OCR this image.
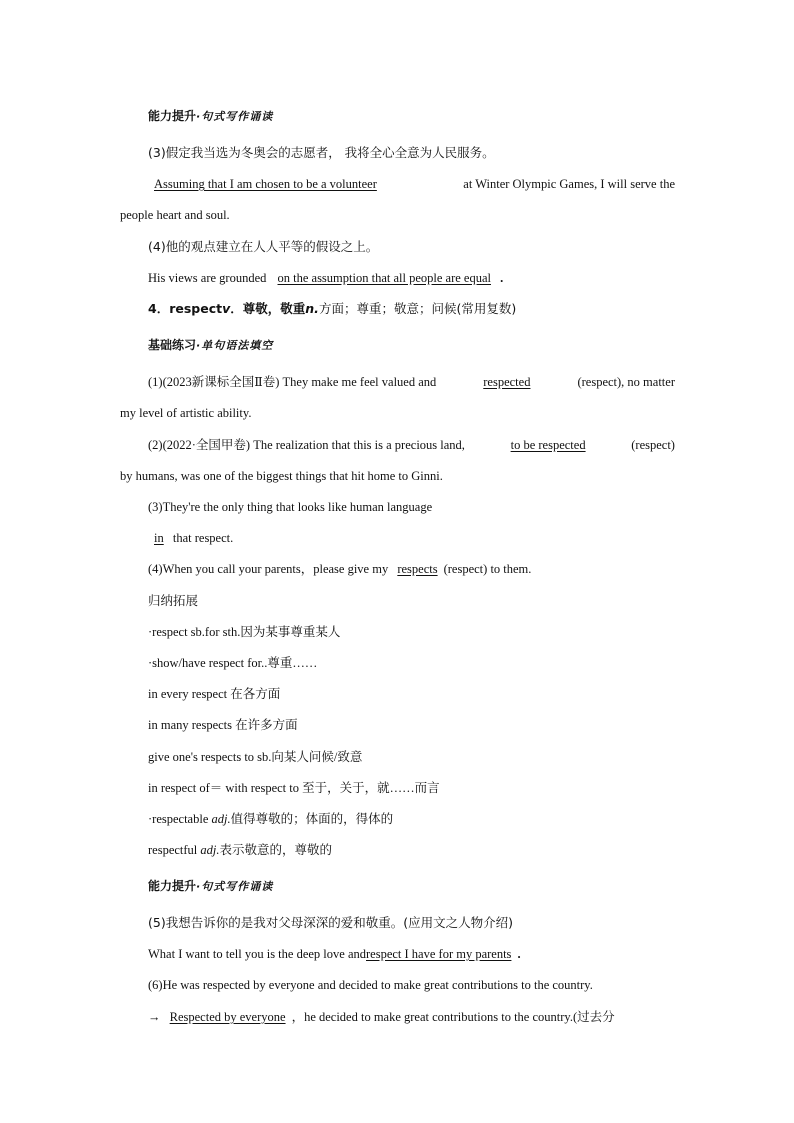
能力提升·句式写作诵读
(3)假定我当选为冬奥会的志愿者， 我将全心全意为人民服务。
Assuming that I am chosen to be a volunteer	at Winter Olympic Games, I will serve the
people heart and soul.
(4)他的观点建立在人人平等的假设之上。
His views are grounded on the assumption that all people are equal .
4．respectv．尊敬，敬重n.方面；尊重；敬意；问候(常用复数)
基础练习·单句语法填空
(1)(2023新课标全国Ⅱ卷) They make me feel valued and	respected	(respect), no matter
my level of artistic ability.
(2)(2022·全国甲卷) The realization that this is a precious land,	to be respected	(respect)
by humans, was one of the biggest things that hit home to Ginni.
(3)They're the only thing that looks like human language
in that respect.
(4)When you call your parents，please give my respects (respect) to them.
归纳拓展
·respect sb.for sth.因为某事尊重某人
·show/have respect for..尊重……
in every respect 在各方面
in many respects 在许多方面
give one's respects to sb.向某人问候/致意
in respect of＝ with respect to 至于，关于，就……而言
·respectable adj.值得尊敬的；体面的，得体的
respectful adj.表示敬意的，尊敬的
能力提升·句式写作诵读
(5)我想告诉你的是我对父母深深的爱和敬重。(应用文之人物介绍)
What I want to tell you is the deep love andrespect I have for my parents .
(6)He was respected by everyone and decided to make great contributions to the country.
→ Respected by everyone ，he decided to make great contributions to the country.(过去分
